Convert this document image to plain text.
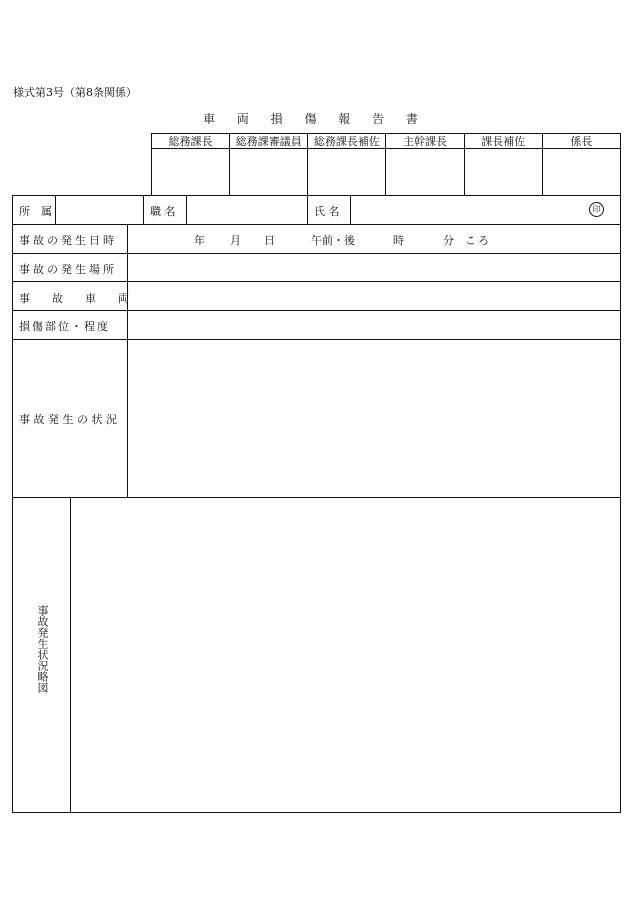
様式第3号（第8条関係）
車 両 損 傷 報 告 書
総務課長	総務課審議員	総務課長補佐	主幹課長	課長補佐	係長

所　属	職 名	氏 名	印
事故の発生日時	年 月 日	午前・後	時	分 ころ
事故の発生場所
事　　故　　車　　両
損傷部位・程度
事 故 発 生 の 状 況
事故発生状況略図
